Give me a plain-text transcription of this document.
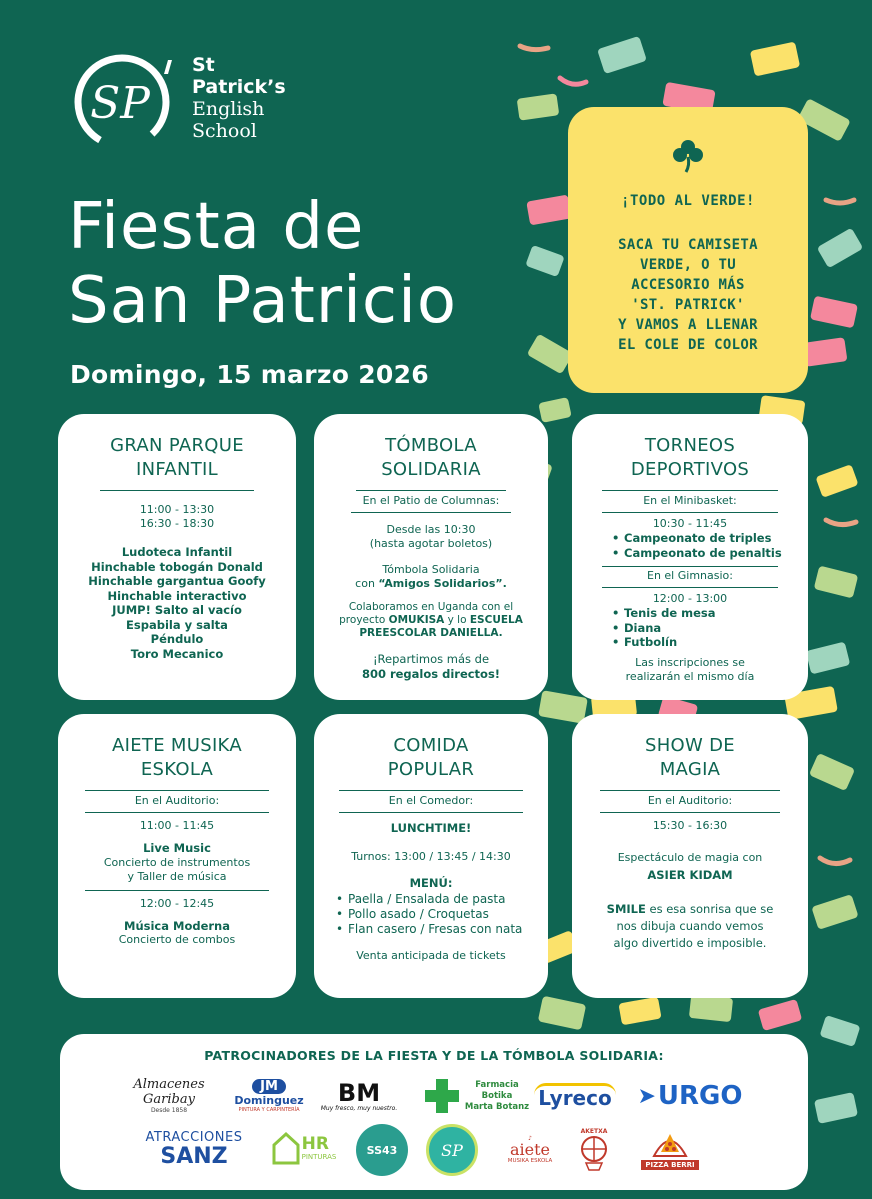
SP
St
Patrick’s
English
School
Fiesta de
San Patricio

Domingo, 15 marzo 2026

¡TODO AL VERDE!
SACA TU CAMISETA
VERDE, O TU
ACCESORIO MÁS
'ST. PATRICK'
Y VAMOS A LLENAR
EL COLE DE COLOR
GRAN PARQUE
INFANTIL
11:00 - 13:30
16:30 - 18:30
Ludoteca Infantil
Hinchable tobogán Donald
Hinchable gargantua Goofy
Hinchable interactivo
JUMP! Salto al vacío
Espabila y salta
Péndulo
Toro Mecanico
TÓMBOLA
SOLIDARIA
En el Patio de Columnas:
Desde las 10:30
(hasta agotar boletos)
Tómbola Solidaria
con “Amigos Solidarios”.
Colaboramos en Uganda con el
proyecto OMUKISA y lo ESCUELA
PREESCOLAR DANIELLA.
¡Repartimos más de
800 regalos directos!
TORNEOS
DEPORTIVOS
En el Minibasket:
10:30 - 11:45
• Campeonato de triples
• Campeonato de penaltis
En el Gimnasio:
12:00 - 13:00
• Tenis de mesa
• Diana
• Futbolín
Las inscripciones se
realizarán el mismo día
AIETE MUSIKA
ESKOLA
En el Auditorio:
11:00 - 11:45
Live Music
Concierto de instrumentos
y Taller de música
12:00 - 12:45
Música Moderna
Concierto de combos
COMIDA
POPULAR
En el Comedor:
LUNCHTIME!
Turnos: 13:00 / 13:45 / 14:30
MENÚ:
• Paella / Ensalada de pasta
• Pollo asado / Croquetas
• Flan casero / Fresas con nata
Venta anticipada de tickets
SHOW DE
MAGIA
En el Auditorio:
15:30 - 16:30
Espectáculo de magia con
ASIER KIDAM
SMILE es esa sonrisa que se
nos dibuja cuando vemos
algo divertido e imposible.
PATROCINADORES DE LA FIESTA Y DE LA TÓMBOLA SOLIDARIA:
Almacenes Garibay
Desde 1858
JM
Dominguez
PINTURA Y CARPINTERÍA
BM
Muy fresco, muy nuestro.
Farmacia
Botika
Marta Botanz Lyreco ➤ URGO
ATRACCIONES
SANZ	HR
PINTURAS
SS43	SP
♪
aiete
MUSIKA ESKOLA
AKETXA
PIZZA BERRI
